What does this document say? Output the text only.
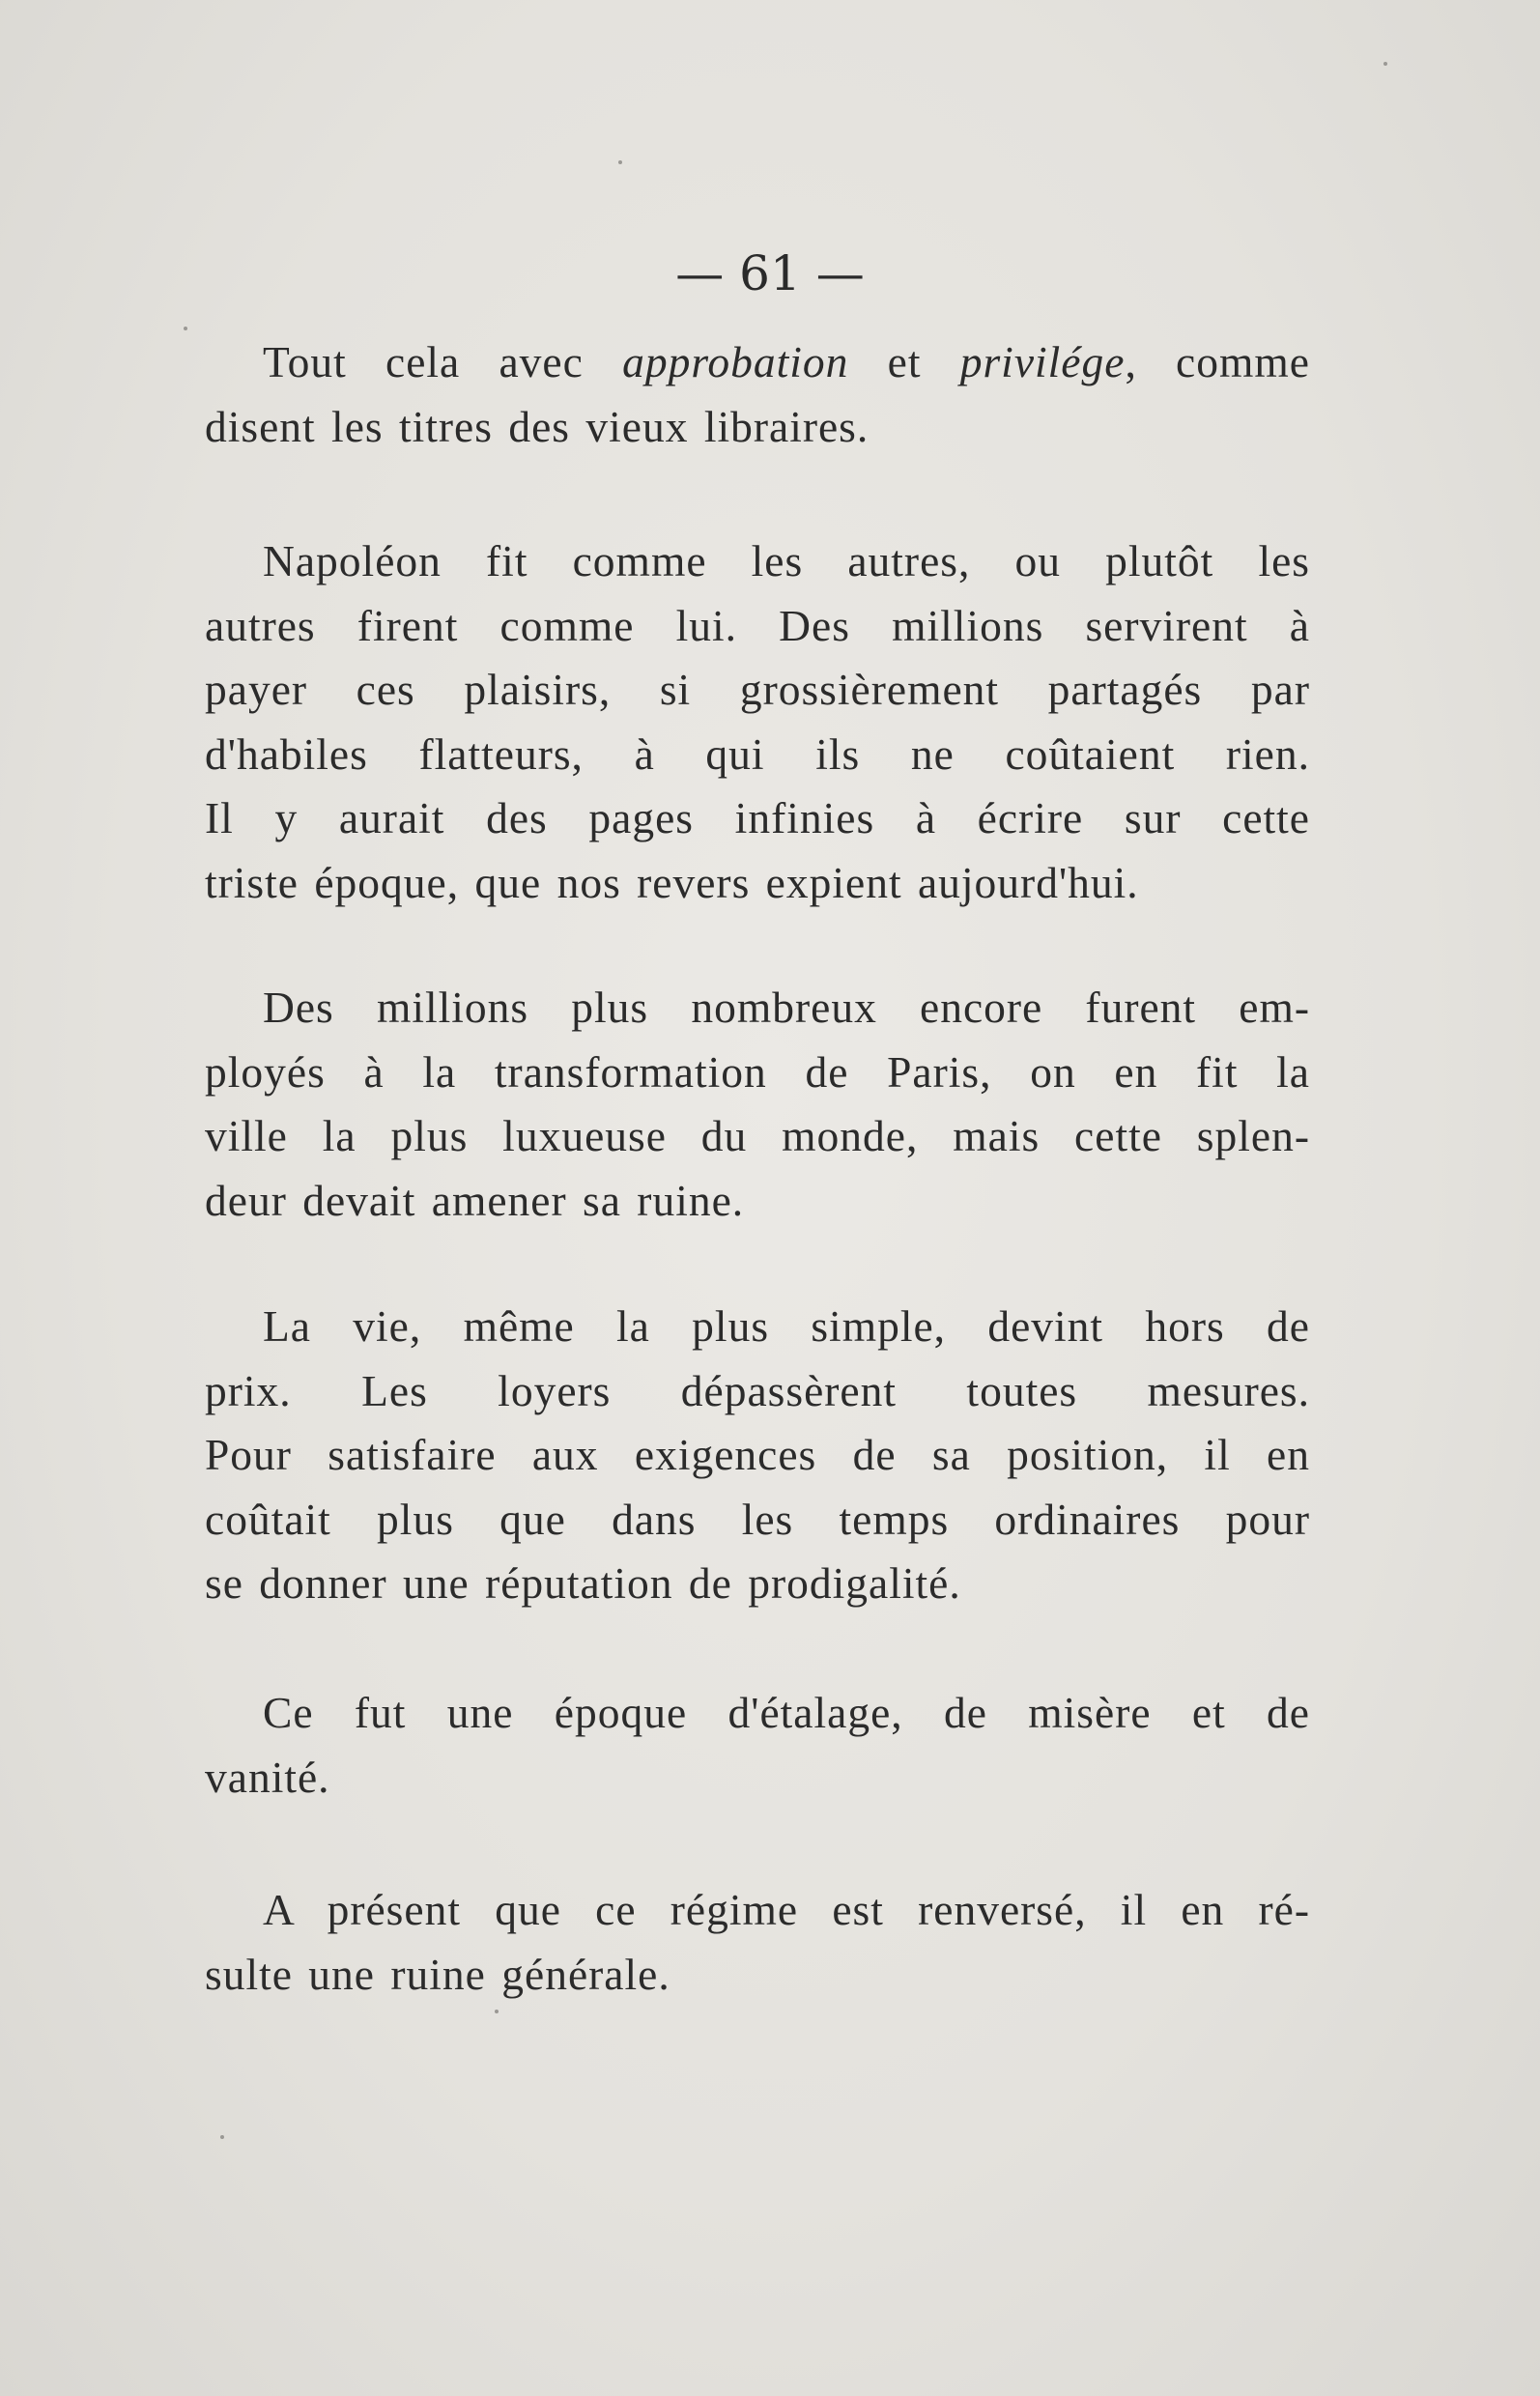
— 61 —
Tout cela avec approbation et privilége, comme
disent les titres des vieux libraires.
Napoléon fit comme les autres, ou plutôt les
autres firent comme lui. Des millions servirent à
payer ces plaisirs, si grossièrement partagés par
d'habiles flatteurs, à qui ils ne coûtaient rien.
Il y aurait des pages infinies à écrire sur cette
triste époque, que nos revers expient aujourd'hui.
Des millions plus nombreux encore furent em-
ployés à la transformation de Paris, on en fit la
ville la plus luxueuse du monde, mais cette splen-
deur devait amener sa ruine.
La vie, même la plus simple, devint hors de
prix. Les loyers dépassèrent toutes mesures.
Pour satisfaire aux exigences de sa position, il en
coûtait plus que dans les temps ordinaires pour
se donner une réputation de prodigalité.
Ce fut une époque d'étalage, de misère et de
vanité.
A présent que ce régime est renversé, il en ré-
sulte une ruine générale.
